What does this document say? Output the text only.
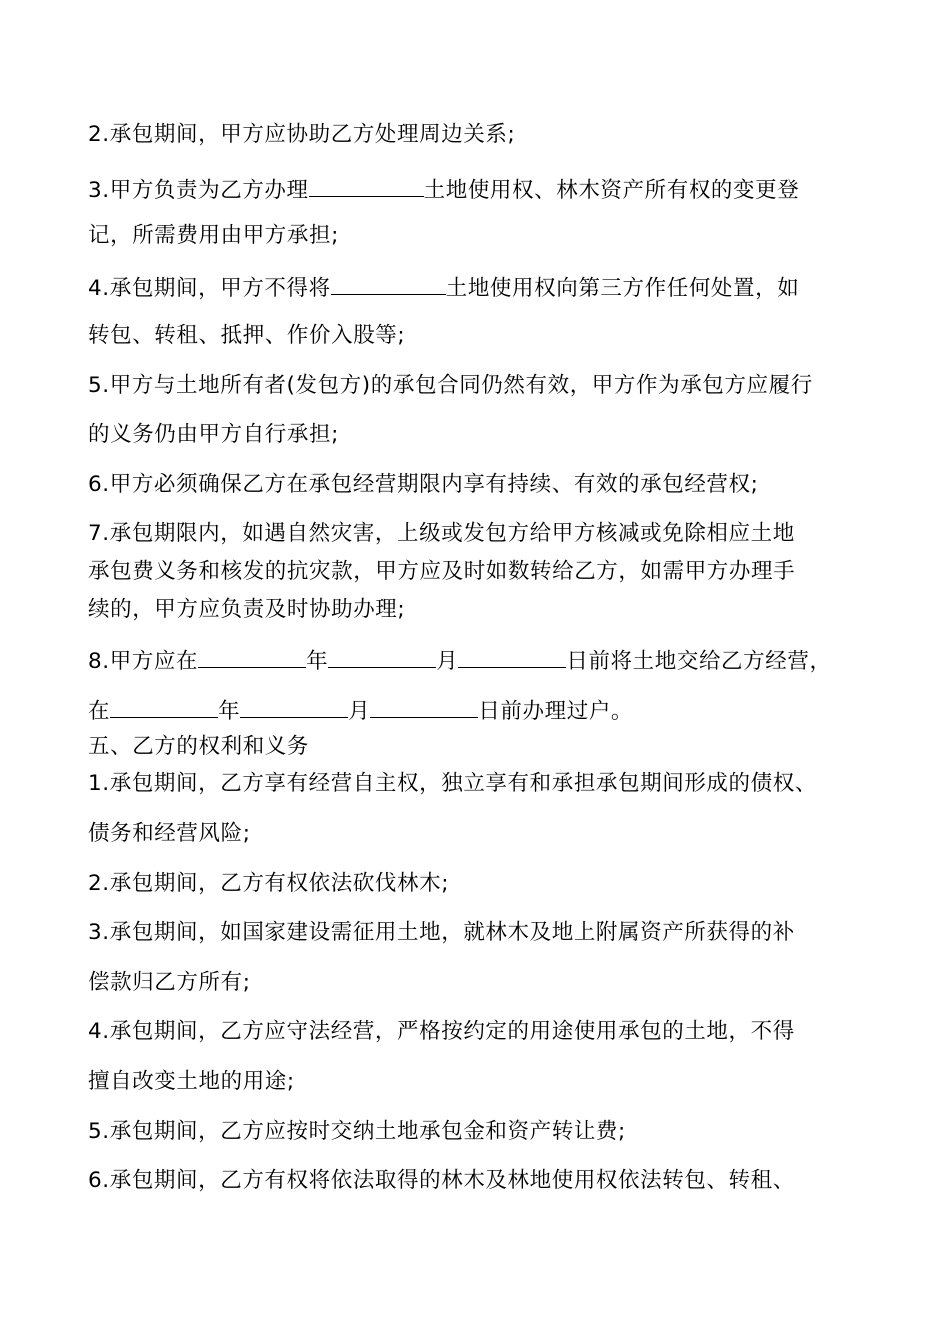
2.承包期间，甲方应协助乙方处理周边关系;
3.甲方负责为乙方办理	土地使用权、林木资产所有权的变更登
记，所需费用由甲方承担;
4.承包期间，甲方不得将	土地使用权向第三方作任何处置，如
转包、转租、抵押、作价入股等;
5.甲方与土地所有者(发包方)的承包合同仍然有效，甲方作为承包方应履行
的义务仍由甲方自行承担;
6.甲方必须确保乙方在承包经营期限内享有持续、有效的承包经营权;
7.承包期限内，如遇自然灾害，上级或发包方给甲方核减或免除相应土地
承包费义务和核发的抗灾款，甲方应及时如数转给乙方，如需甲方办理手
续的，甲方应负责及时协助办理;
8.甲方应在	年	月	日前将土地交给乙方经营，
在	年	月	日前办理过户。
五、乙方的权利和义务
1.承包期间，乙方享有经营自主权，独立享有和承担承包期间形成的债权、
债务和经营风险;
2.承包期间，乙方有权依法砍伐林木;
3.承包期间，如国家建设需征用土地，就林木及地上附属资产所获得的补
偿款归乙方所有;
4.承包期间，乙方应守法经营，严格按约定的用途使用承包的土地，不得
擅自改变土地的用途;
5.承包期间，乙方应按时交纳土地承包金和资产转让费;
6.承包期间，乙方有权将依法取得的林木及林地使用权依法转包、转租、
